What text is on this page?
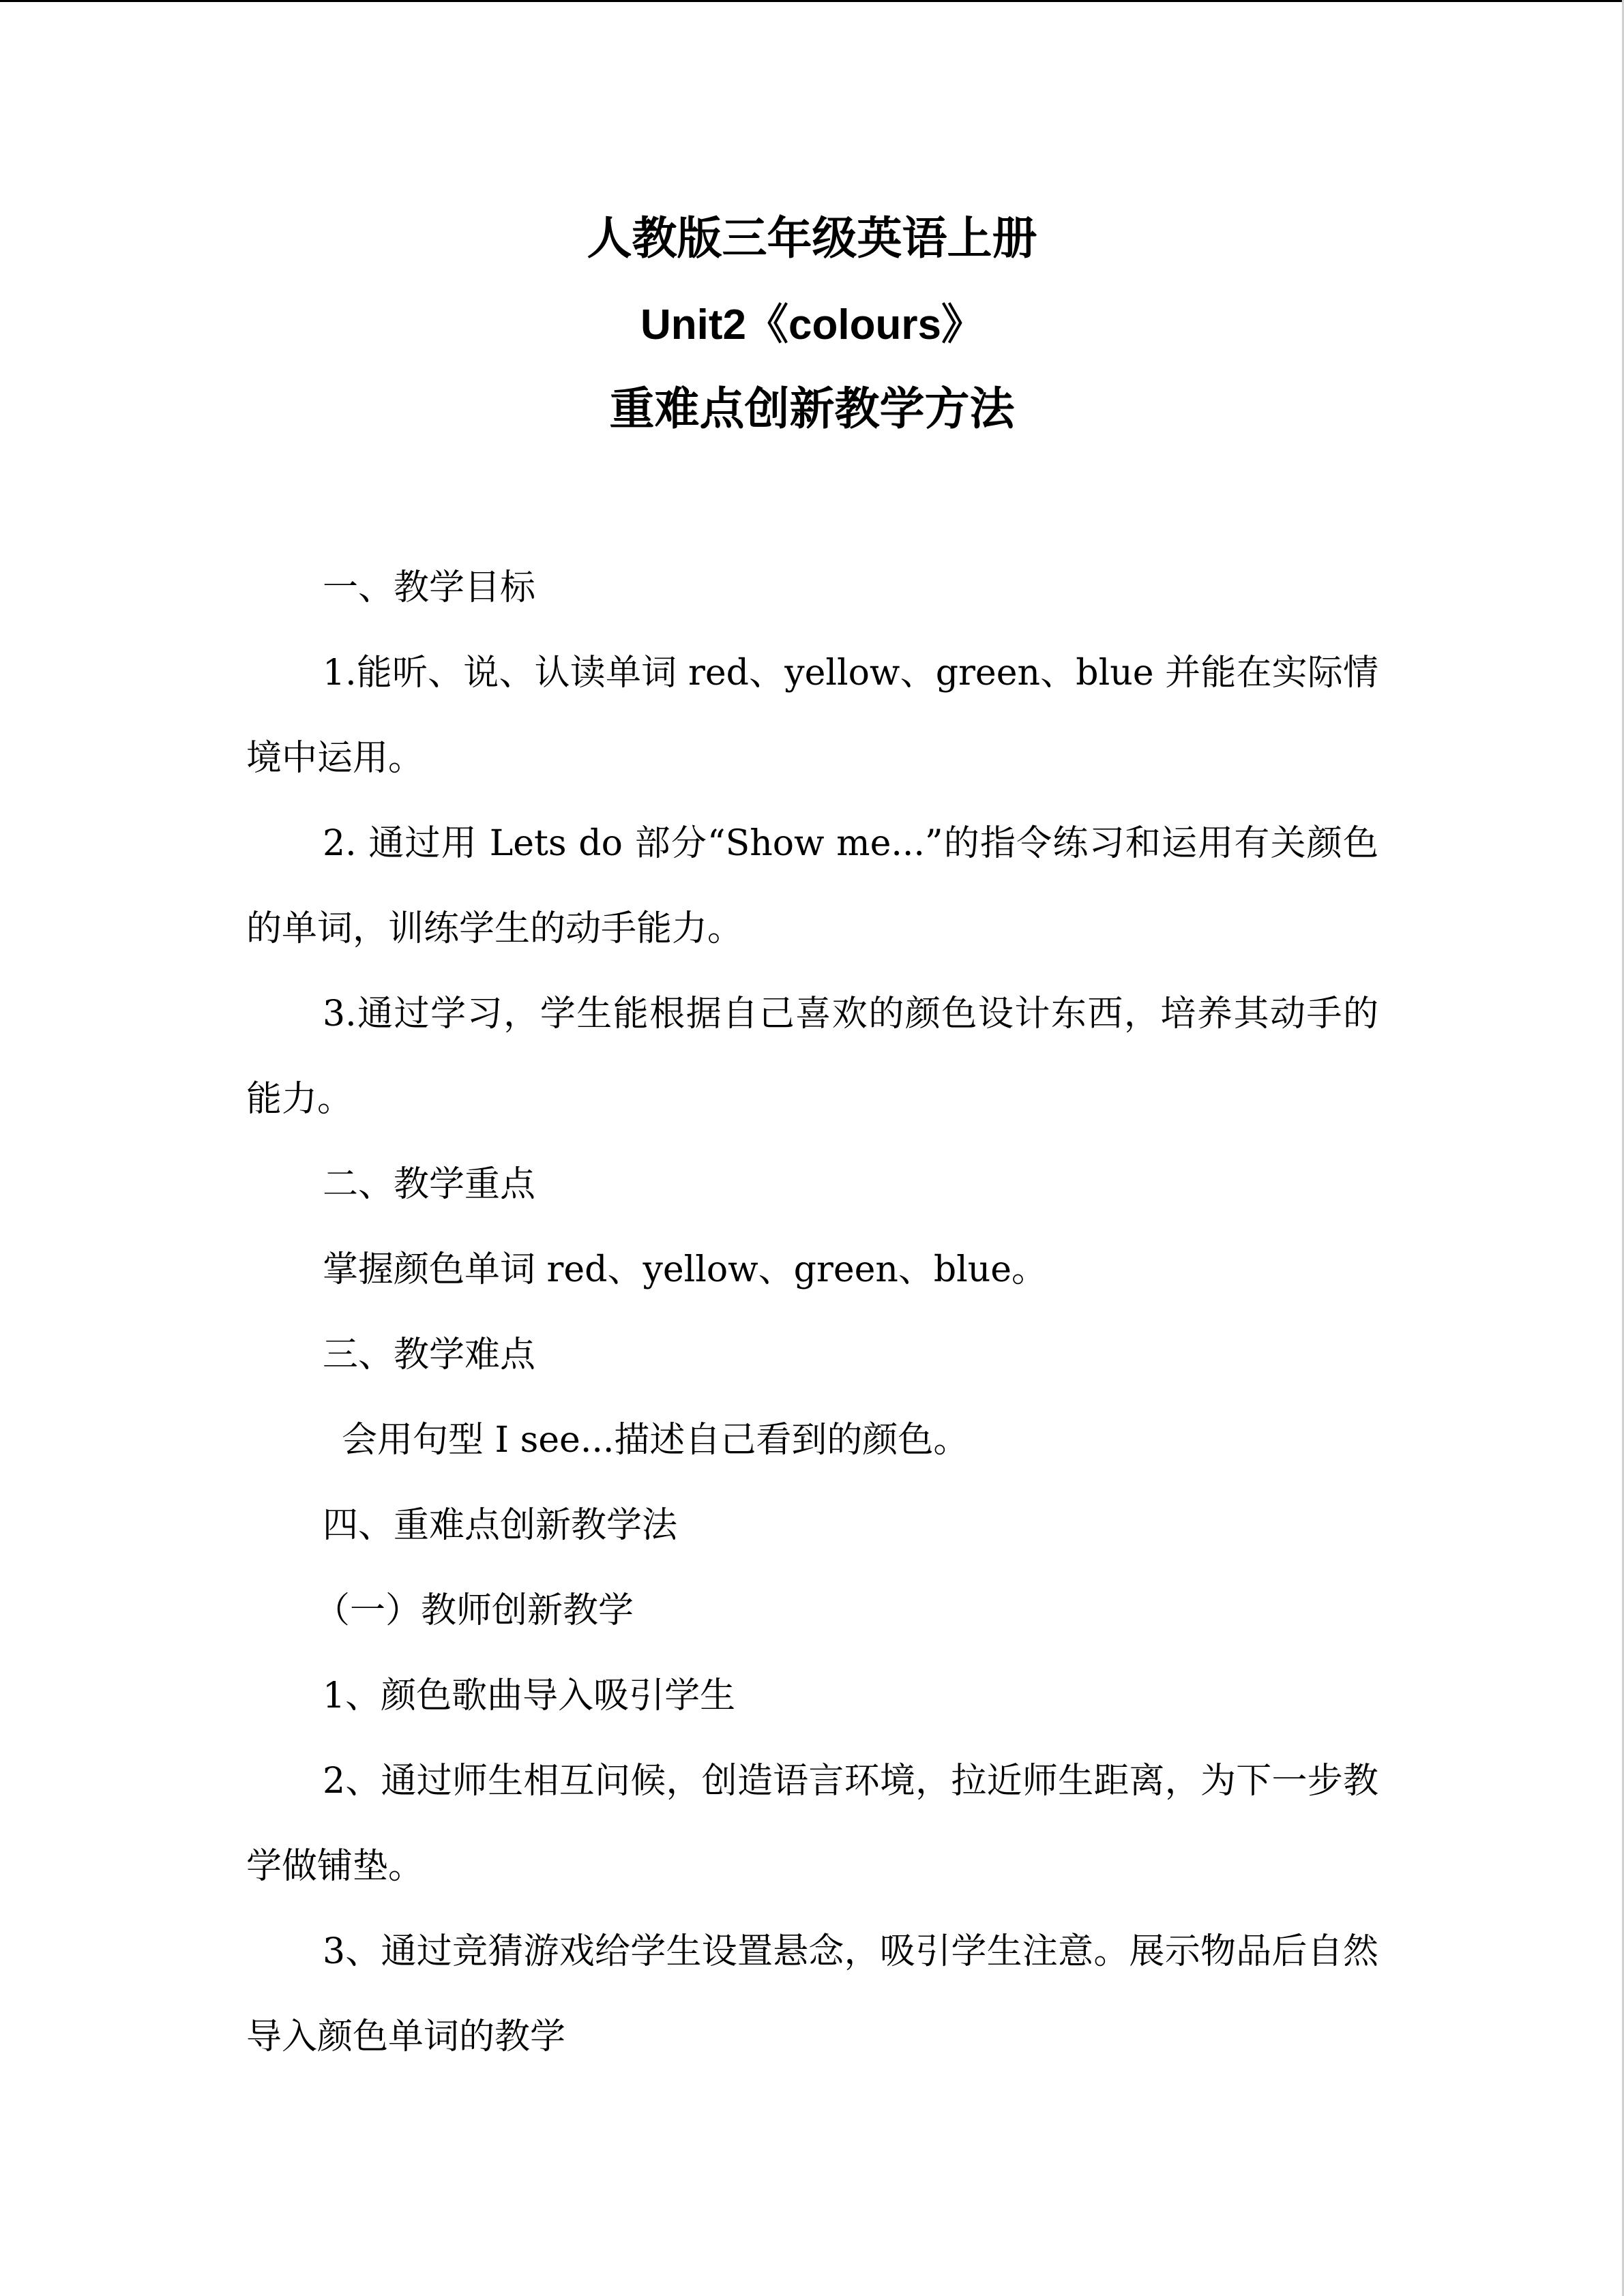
人教版三年级英语上册
Unit2《colours》
重难点创新教学方法

一、教学目标

1.能听、说、认读单词 red、yellow、green、blue 并能在实际情境中运用。

2. 通过用 Lets do 部分“Show me...”的指令练习和运用有关颜色的单词，训练学生的动手能力。

3.通过学习，学生能根据自己喜欢的颜色设计东西，培养其动手的能力。

二、教学重点

掌握颜色单词 red、yellow、green、blue。

三、教学难点

会用句型 I see...描述自己看到的颜色。

四、重难点创新教学法

（一）教师创新教学

1、颜色歌曲导入吸引学生

2、通过师生相互问候，创造语言环境，拉近师生距离，为下一步教学做铺垫。

3、通过竞猜游戏给学生设置悬念，吸引学生注意。展示物品后自然导入颜色单词的教学
